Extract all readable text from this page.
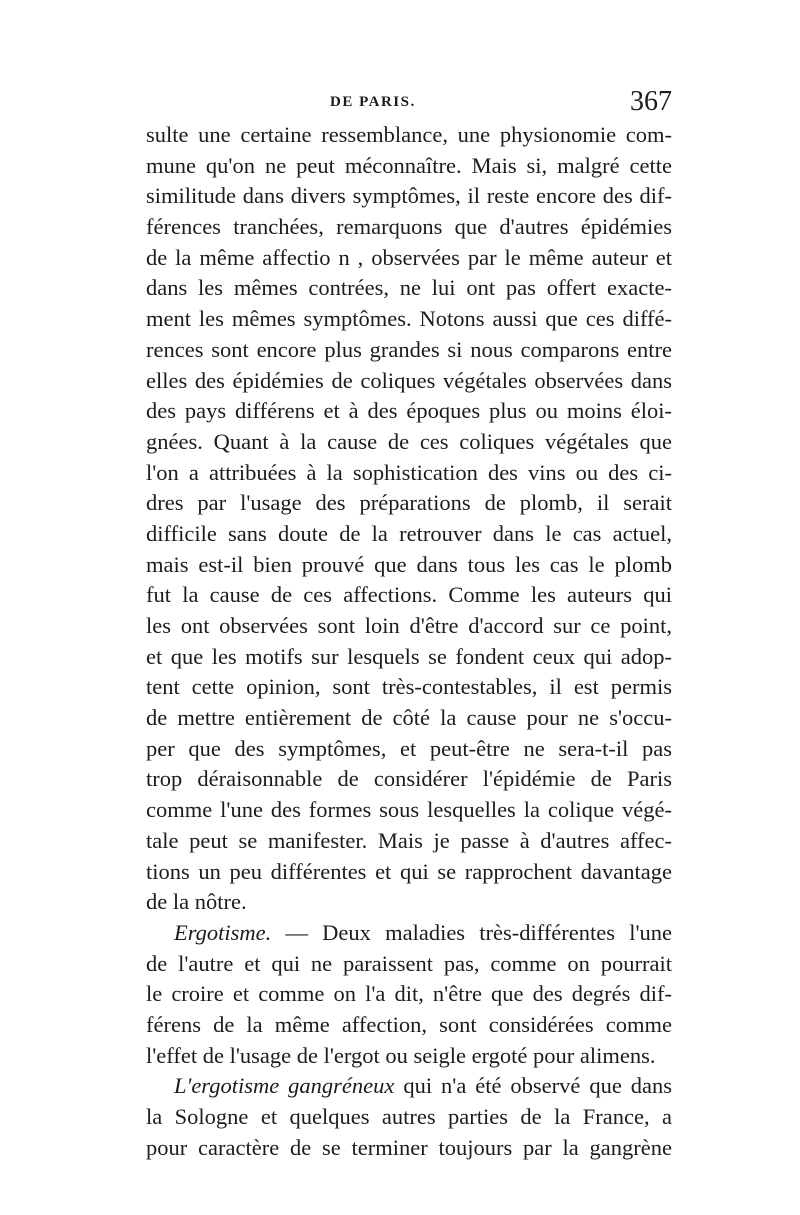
DE PARIS.	367
sulte une certaine ressemblance, une physionomie com-
mune qu'on ne peut méconnaître. Mais si, malgré cette
similitude dans divers symptômes, il reste encore des dif-
férences tranchées, remarquons que d'autres épidémies
de la même affectio n , observées par le même auteur et
dans les mêmes contrées, ne lui ont pas offert exacte-
ment les mêmes symptômes. Notons aussi que ces diffé-
rences sont encore plus grandes si nous comparons entre
elles des épidémies de coliques végétales observées dans
des pays différens et à des époques plus ou moins éloi-
gnées. Quant à la cause de ces coliques végétales que
l'on a attribuées à la sophistication des vins ou des ci-
dres par l'usage des préparations de plomb, il serait
difficile sans doute de la retrouver dans le cas actuel,
mais est-il bien prouvé que dans tous les cas le plomb
fut la cause de ces affections. Comme les auteurs qui
les ont observées sont loin d'être d'accord sur ce point,
et que les motifs sur lesquels se fondent ceux qui adop-
tent cette opinion, sont très-contestables, il est permis
de mettre entièrement de côté la cause pour ne s'occu-
per que des symptômes, et peut-être ne sera-t-il pas
trop déraisonnable de considérer l'épidémie de Paris
comme l'une des formes sous lesquelles la colique végé-
tale peut se manifester. Mais je passe à d'autres affec-
tions un peu différentes et qui se rapprochent davantage
de la nôtre.
Ergotisme. — Deux maladies très-différentes l'une
de l'autre et qui ne paraissent pas, comme on pourrait
le croire et comme on l'a dit, n'être que des degrés dif-
férens de la même affection, sont considérées comme
l'effet de l'usage de l'ergot ou seigle ergoté pour alimens.
L'ergotisme gangréneux qui n'a été observé que dans
la Sologne et quelques autres parties de la France, a
pour caractère de se terminer toujours par la gangrène
